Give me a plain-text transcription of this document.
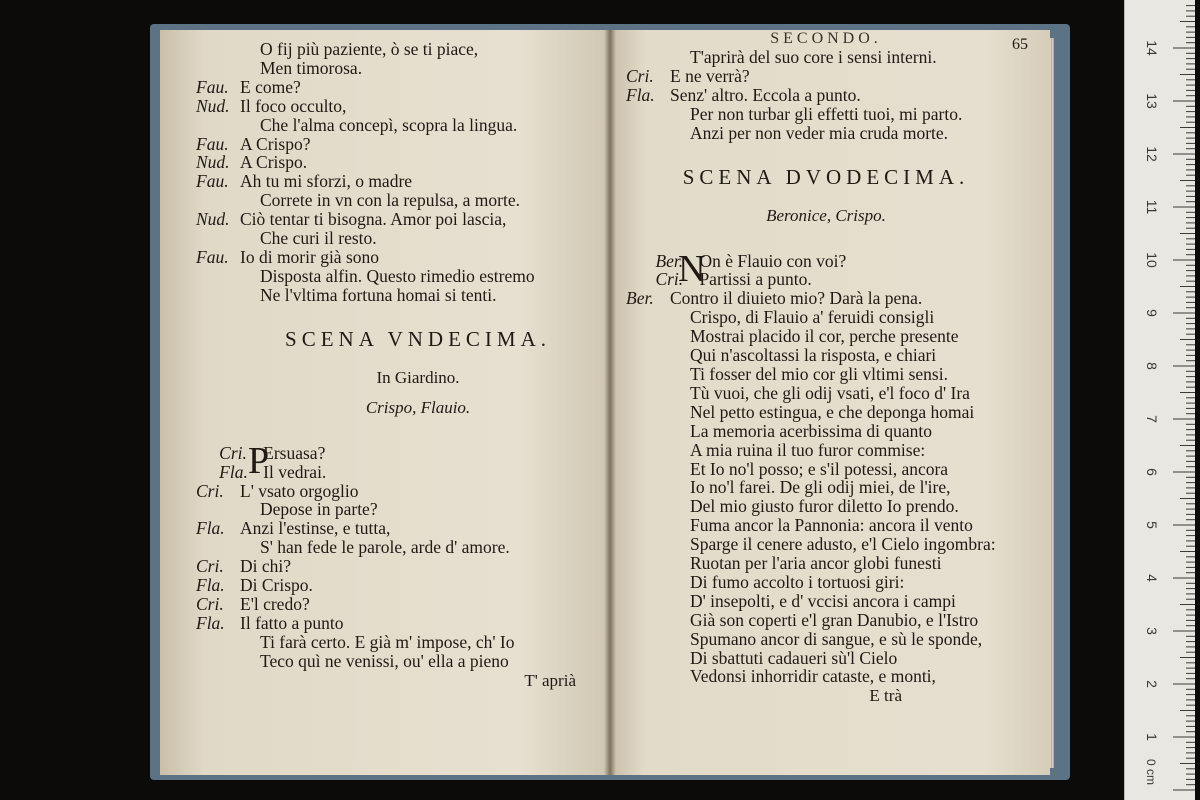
O fij più paziente, ò se ti piace,
Men timorosa.
Fau. E come?
Nud. Il foco occulto,
Che l'alma concepì, scopra la lingua.
Fau. A Crispo?
Nud. A Crispo.
Fau. Ah tu mi sforzi, o madre
Correte in vn con la repulsa, a morte.
Nud. Ciò tentar ti bisogna. Amor poi lascia,
Che curi il resto.
Fau. Io di morir già sono
Disposta alfin. Questo rimedio estremo
Ne l'vltima fortuna homai si tenti.
SCENA VNDECIMA.
In Giardino.
Crispo, Flauio.
Cri. P
Ersuasa?
Fla. Il vedrai.
Cri. L' vsato orgoglio
Depose in parte?
Fla. Anzi l'estinse, e tutta,
S' han fede le parole, arde d' amore.
Cri. Di chi?
Fla. Di Crispo.
Cri. E'l credo?
Fla. Il fatto a punto
Ti farà certo. E già m' impose, ch' Io
Teco quì ne venissi, ou' ella a pieno
T' aprià
SECONDO.	65
T'aprirà del suo core i sensi interni.
Cri. E ne verrà?
Fla. Senz' altro. Eccola a punto.
Per non turbar gli effetti tuoi, mi parto.
Anzi per non veder mia cruda morte.
SCENA DVODECIMA.
Beronice, Crispo.
Ber.
N
On è Flauio con voi?
Cri. Partissi a punto.
Ber. Contro il diuieto mio? Darà la pena.
Crispo, di Flauio a' feruidi consigli
Mostrai placido il cor, perche presente
Qui n'ascoltassi la risposta, e chiari
Ti fosser del mio cor gli vltimi sensi.
Tù vuoi, che gli odij vsati, e'l foco d' Ira
Nel petto estingua, e che deponga homai
La memoria acerbissima di quanto
A mia ruina il tuo furor commise:
Et Io no'l posso; e s'il potessi, ancora
Io no'l farei. De gli odij miei, de l'ire,
Del mio giusto furor diletto Io prendo.
Fuma ancor la Pannonia: ancora il vento
Sparge il cenere adusto, e'l Cielo ingombra:
Ruotan per l'aria ancor globi funesti
Di fumo accolto i tortuosi giri:
D' insepolti, e d' vccisi ancora i campi
Già son coperti e'l gran Danubio, e l'Istro
Spumano ancor di sangue, e sù le sponde,
Di sbattuti cadaueri sù'l Cielo
Vedonsi inhorridir cataste, e monti,
E trà
1
2
3
4
5
6
7
8
9
10
11
12
13
14
0 cm
